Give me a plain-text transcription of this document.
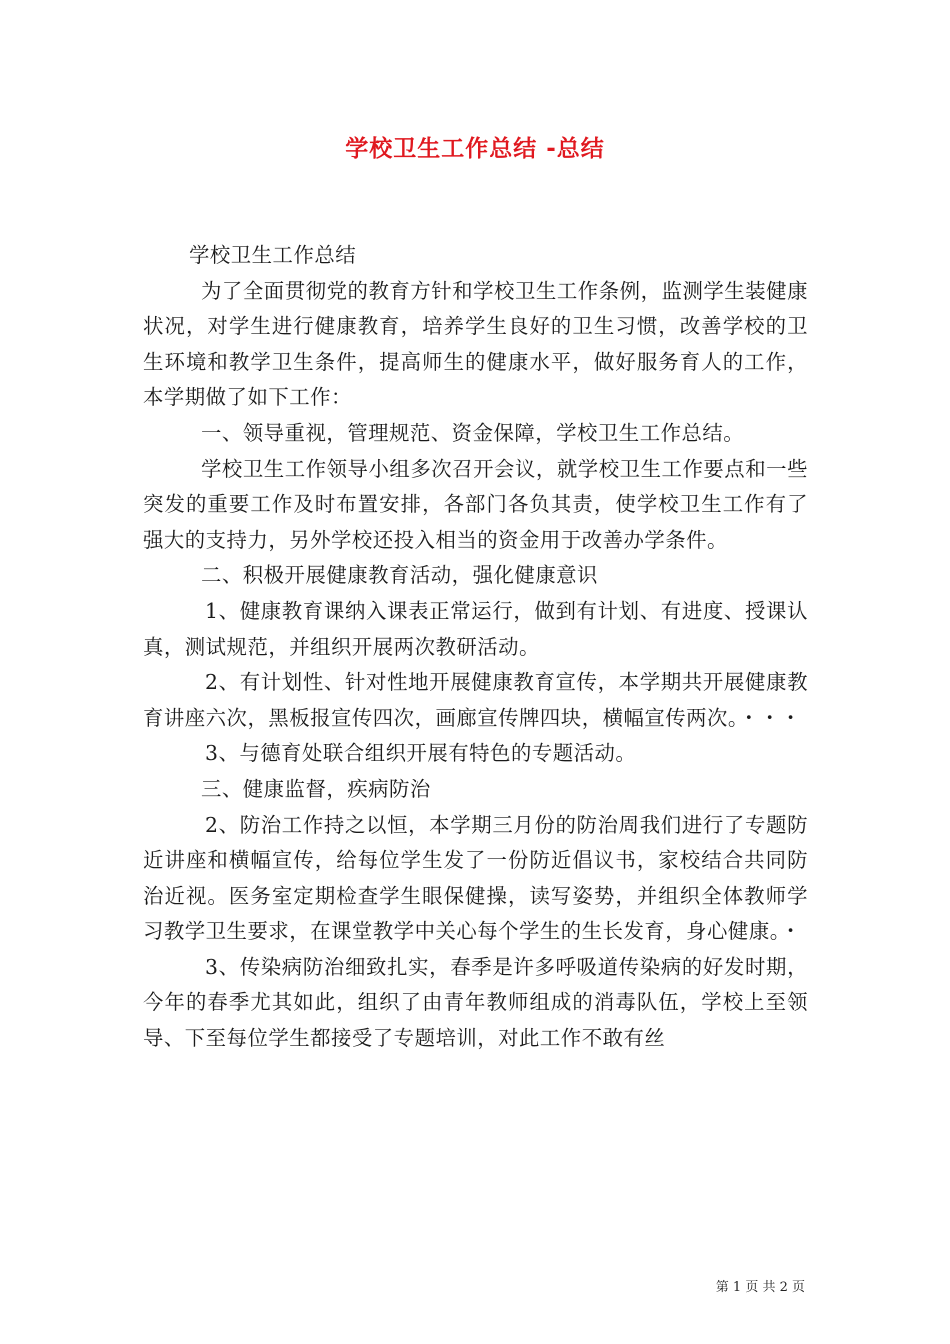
学校卫生工作总结 -总结

学校卫生工作总结

为了全面贯彻党的教育方针和学校卫生工作条例，监测学生装健康状况，对学生进行健康教育，培养学生良好的卫生习惯，改善学校的卫生环境和教学卫生条件，提高师生的健康水平，做好服务育人的工作，本学期做了如下工作：

一、领导重视，管理规范、资金保障，学校卫生工作总结。

学校卫生工作领导小组多次召开会议，就学校卫生工作要点和一些突发的重要工作及时布置安排，各部门各负其责，使学校卫生工作有了强大的支持力，另外学校还投入相当的资金用于改善办学条件。

二、积极开展健康教育活动，强化健康意识

1、健康教育课纳入课表正常运行，做到有计划、有进度、授课认真，测试规范，并组织开展两次教研活动。

2、有计划性、针对性地开展健康教育宣传，本学期共开展健康教育讲座六次，黑板报宣传四次，画廊宣传牌四块，横幅宣传两次。・・・

3、与德育处联合组织开展有特色的专题活动。

三、健康监督，疾病防治

2、防治工作持之以恒，本学期三月份的防治周我们进行了专题防近讲座和横幅宣传，给每位学生发了一份防近倡议书，家校结合共同防治近视。医务室定期检查学生眼保健操，读写姿势，并组织全体教师学习教学卫生要求，在课堂教学中关心每个学生的生长发育，身心健康。・

3、传染病防治细致扎实，春季是许多呼吸道传染病的好发时期，今年的春季尤其如此，组织了由青年教师组成的消毒队伍，学校上至领导、下至每位学生都接受了专题培训，对此工作不敢有丝

第 1 页 共 2 页
